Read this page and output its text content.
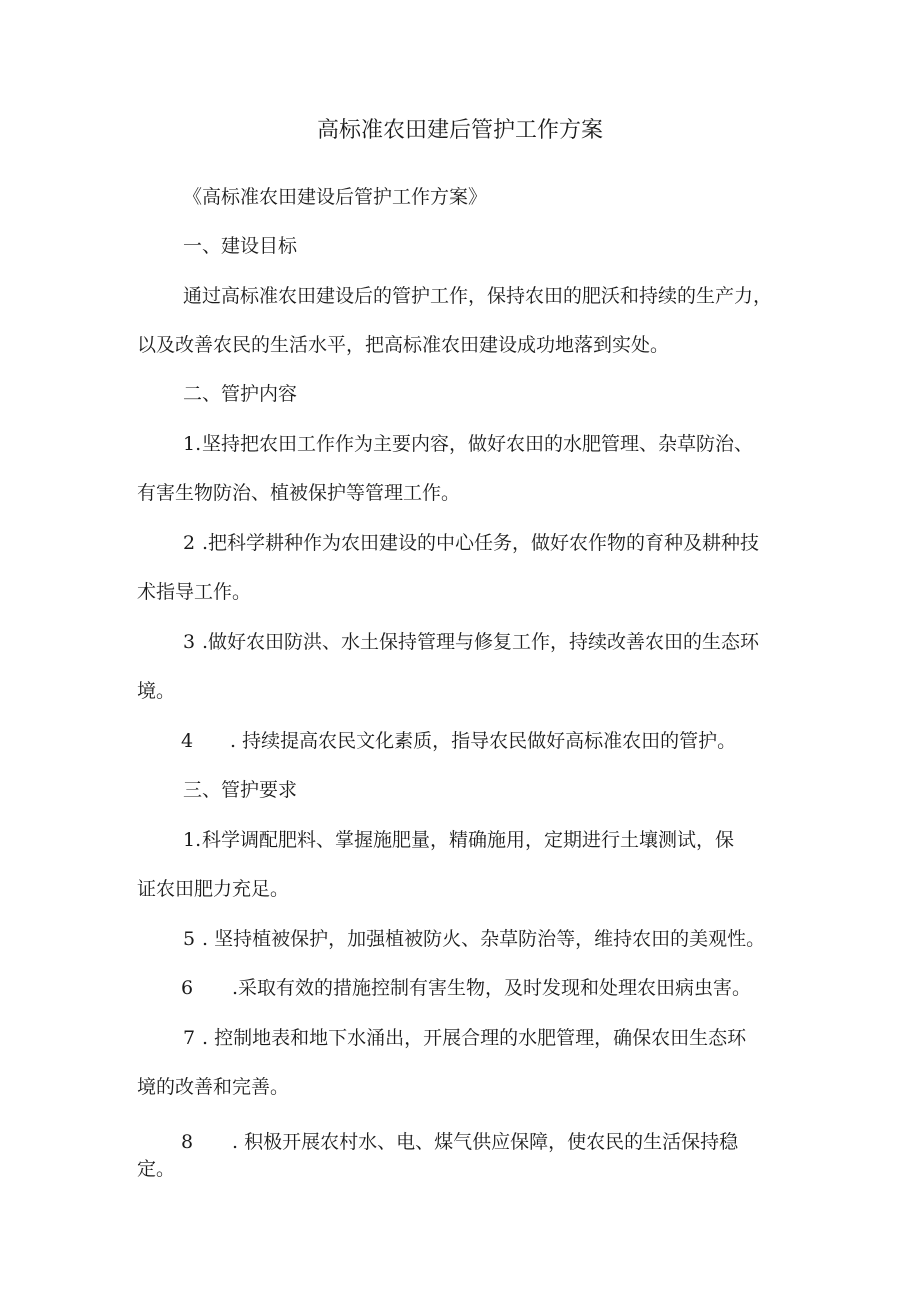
高标准农田建后管护工作方案
《高标准农田建设后管护工作方案》
一、建设目标
通过高标准农田建设后的管护工作，保持农田的肥沃和持续的生产力，
以及改善农民的生活水平，把高标准农田建设成功地落到实处。
二、管护内容
1. 坚持把农田工作作为主要内容，做好农田的水肥管理、杂草防治、
有害生物防治、植被保护等管理工作。
2 .把科学耕种作为农田建设的中心任务，做好农作物的育种及耕种技
术指导工作。
3 .做好农田防洪、水土保持管理与修复工作，持续改善农田的生态环
境。
4 . 持续提高农民文化素质，指导农民做好高标准农田的管护。
三、管护要求
1. 科学调配肥料、掌握施肥量，精确施用，定期进行土壤测试，保
证农田肥力充足。
5 . 坚持植被保护，加强植被防火、杂草防治等，维持农田的美观性。
6 .采取有效的措施控制有害生物，及时发现和处理农田病虫害。
7 . 控制地表和地下水涌出，开展合理的水肥管理，确保农田生态环
境的改善和完善。
8 . 积极开展农村水、电、煤气供应保障，使农民的生活保持稳
定。
